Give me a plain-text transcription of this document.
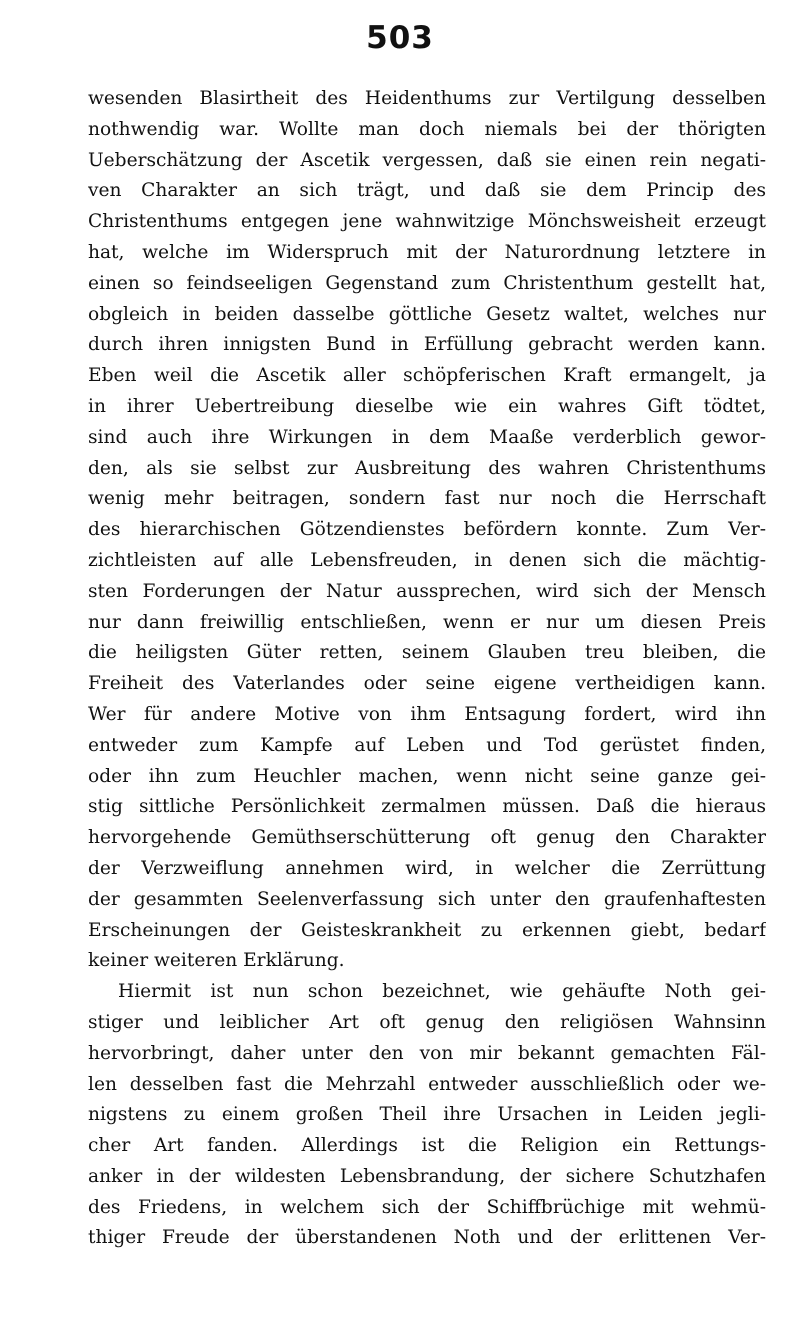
503
wesenden Blasirtheit des Heidenthums zur Vertilgung desselben
nothwendig war. Wollte man doch niemals bei der thörigten
Ueberschätzung der Ascetik vergessen, daß sie einen rein negati-
ven Charakter an sich trägt, und daß sie dem Princip des
Christenthums entgegen jene wahnwitzige Mönchsweisheit erzeugt
hat, welche im Widerspruch mit der Naturordnung letztere in
einen so feindseeligen Gegenstand zum Christenthum gestellt hat,
obgleich in beiden dasselbe göttliche Gesetz waltet, welches nur
durch ihren innigsten Bund in Erfüllung gebracht werden kann.
Eben weil die Ascetik aller schöpferischen Kraft ermangelt, ja
in ihrer Uebertreibung dieselbe wie ein wahres Gift tödtet,
sind auch ihre Wirkungen in dem Maaße verderblich gewor-
den, als sie selbst zur Ausbreitung des wahren Christenthums
wenig mehr beitragen, sondern fast nur noch die Herrschaft
des hierarchischen Götzendienstes befördern konnte. Zum Ver-
zichtleisten auf alle Lebensfreuden, in denen sich die mächtig-
sten Forderungen der Natur aussprechen, wird sich der Mensch
nur dann freiwillig entschließen, wenn er nur um diesen Preis
die heiligsten Güter retten, seinem Glauben treu bleiben, die
Freiheit des Vaterlandes oder seine eigene vertheidigen kann.
Wer für andere Motive von ihm Entsagung fordert, wird ihn
entweder zum Kampfe auf Leben und Tod gerüstet finden,
oder ihn zum Heuchler machen, wenn nicht seine ganze gei-
stig sittliche Persönlichkeit zermalmen müssen. Daß die hieraus
hervorgehende Gemüthserschütterung oft genug den Charakter
der Verzweiflung annehmen wird, in welcher die Zerrüttung
der gesammten Seelenverfassung sich unter den graufenhaftesten
Erscheinungen der Geisteskrankheit zu erkennen giebt, bedarf
keiner weiteren Erklärung.
Hiermit ist nun schon bezeichnet, wie gehäufte Noth gei-
stiger und leiblicher Art oft genug den religiösen Wahnsinn
hervorbringt, daher unter den von mir bekannt gemachten Fäl-
len desselben fast die Mehrzahl entweder ausschließlich oder we-
nigstens zu einem großen Theil ihre Ursachen in Leiden jegli-
cher Art fanden. Allerdings ist die Religion ein Rettungs-
anker in der wildesten Lebensbrandung, der sichere Schutzhafen
des Friedens, in welchem sich der Schiffbrüchige mit wehmü-
thiger Freude der überstandenen Noth und der erlittenen Ver-
